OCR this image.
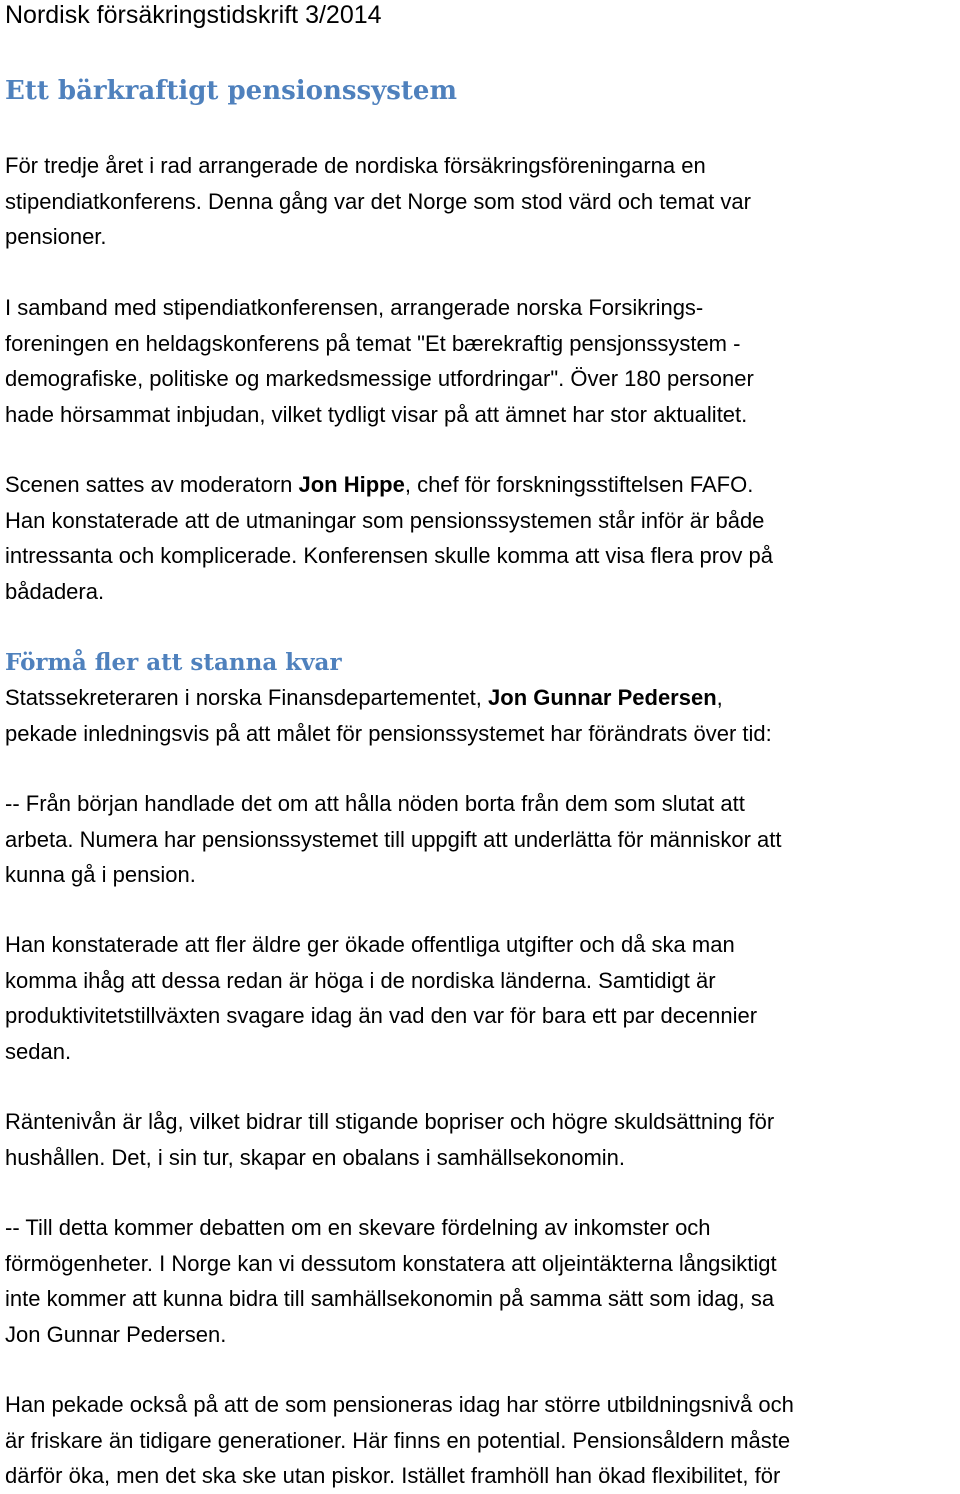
Nordisk försäkringstidskrift 3/2014
Ett bärkraftigt pensionssystem

För tredje året i rad arrangerade de nordiska försäkringsföreningarna en
stipendiatkonferens. Denna gång var det Norge som stod värd och temat var
pensioner.

I samband med stipendiatkonferensen, arrangerade norska Forsikrings-
foreningen en heldagskonferens på temat "Et bærekraftig pensjonssystem -
demografiske, politiske og markedsmessige utfordringar". Över 180 personer
hade hörsammat inbjudan, vilket tydligt visar på att ämnet har stor aktualitet.

Scenen sattes av moderatorn Jon Hippe, chef för forskningsstiftelsen FAFO.
Han konstaterade att de utmaningar som pensionssystemen står inför är både
intressanta och komplicerade. Konferensen skulle komma att visa flera prov på
bådadera.

Förmå fler att stanna kvar

Statssekreteraren i norska Finansdepartementet, Jon Gunnar Pedersen,
pekade inledningsvis på att målet för pensionssystemet har förändrats över tid:

-- Från början handlade det om att hålla nöden borta från dem som slutat att
arbeta. Numera har pensionssystemet till uppgift att underlätta för människor att
kunna gå i pension.

Han konstaterade att fler äldre ger ökade offentliga utgifter och då ska man
komma ihåg att dessa redan är höga i de nordiska länderna. Samtidigt är
produktivitetstillväxten svagare idag än vad den var för bara ett par decennier
sedan.

Räntenivån är låg, vilket bidrar till stigande bopriser och högre skuldsättning för
hushållen. Det, i sin tur, skapar en obalans i samhällsekonomin.

-- Till detta kommer debatten om en skevare fördelning av inkomster och
förmögenheter. I Norge kan vi dessutom konstatera att oljeintäkterna långsiktigt
inte kommer att kunna bidra till samhällsekonomin på samma sätt som idag, sa
Jon Gunnar Pedersen.

Han pekade också på att de som pensioneras idag har större utbildningsnivå och
är friskare än tidigare generationer. Här finns en potential. Pensionsåldern måste
därför öka, men det ska ske utan piskor. Istället framhöll han ökad flexibilitet, för
